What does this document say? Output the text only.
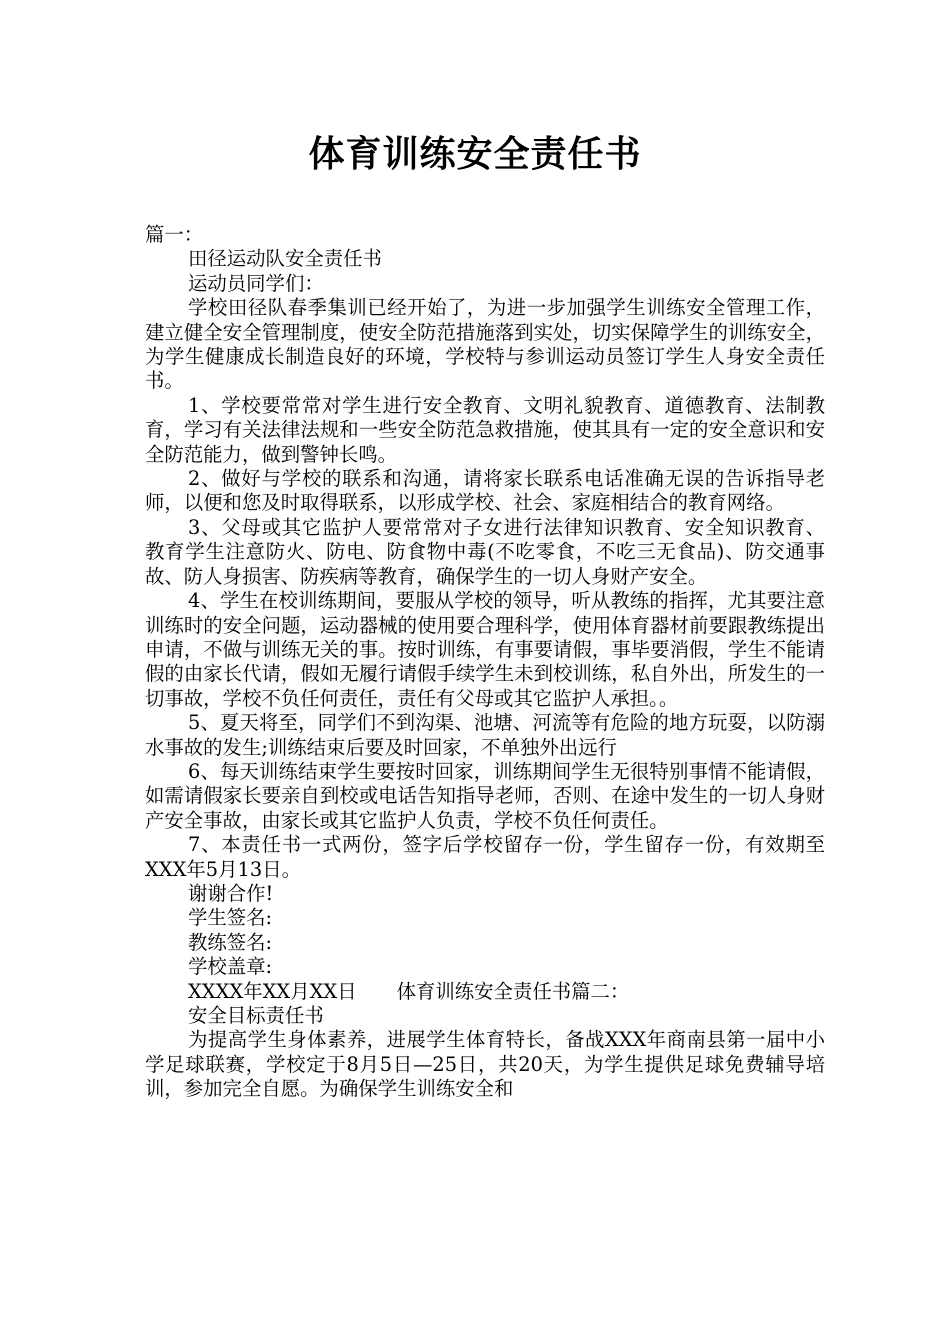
体育训练安全责任书

篇一：

田径运动队安全责任书

运动员同学们：

学校田径队春季集训已经开始了，为进一步加强学生训练安全管理工作，建立健全安全管理制度，使安全防范措施落到实处，切实保障学生的训练安全，为学生健康成长制造良好的环境，学校特与参训运动员签订学生人身安全责任书。

1、学校要常常对学生进行安全教育、文明礼貌教育、道德教育、法制教育，学习有关法律法规和一些安全防范急救措施，使其具有一定的安全意识和安全防范能力，做到警钟长鸣。

2、做好与学校的联系和沟通，请将家长联系电话准确无误的告诉指导老师，以便和您及时取得联系，以形成学校、社会、家庭相结合的教育网络。

3、父母或其它监护人要常常对子女进行法律知识教育、安全知识教育、 教育学生注意防火、防电、防食物中毒(不吃零食，不吃三无食品)、防交通事故、防人身损害、防疾病等教育，确保学生的一切人身财产安全。

4、学生在校训练期间，要服从学校的领导，听从教练的指挥，尤其要注意训练时的安全问题，运动器械的使用要合理科学，使用体育器材前要跟教练提出申请，不做与训练无关的事。按时训练，有事要请假，事毕要消假，学生不能请假的由家长代请，假如无履行请假手续学生未到校训练，私自外出，所发生的一切事故，学校不负任何责任，责任有父母或其它监护人承担。。

5、夏天将至，同学们不到沟渠、池塘、河流等有危险的地方玩耍，以防溺水事故的发生;训练结束后要及时回家，不单独外出远行

6、每天训练结束学生要按时回家，训练期间学生无很特别事情不能请假，如需请假家长要亲自到校或电话告知指导老师，否则、在途中发生的一切人身财产安全事故，由家长或其它监护人负责，学校不负任何责任。

7、本责任书一式两份，签字后学校留存一份，学生留存一份，有效期至XXX年5月13日。

谢谢合作!

学生签名:

教练签名:

学校盖章:

XXXX年XX月XX日 体育训练安全责任书篇二：

安全目标责任书

为提高学生身体素养，进展学生体育特长，备战XXX年商南县第一届中小学足球联赛，学校定于8月5日—25日，共20天，为学生提供足球免费辅导培训，参加完全自愿。为确保学生训练安全和
